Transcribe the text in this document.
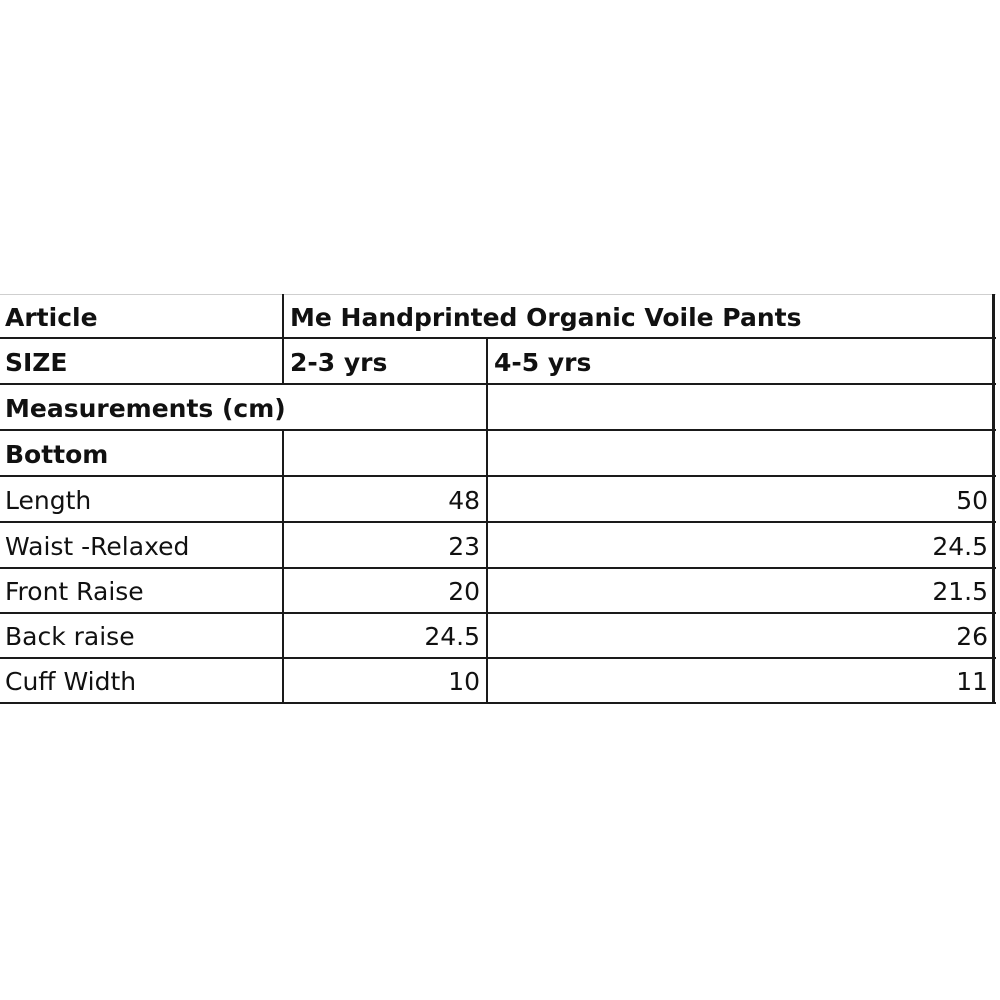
Article	Me Handprinted Organic Voile Pants
SIZE	2-3 yrs	4-5 yrs
Measurements (cm)
Bottom
Length	48	50
Waist -Relaxed	23	24.5
Front Raise	20	21.5
Back raise	24.5	26
Cuff Width	10	11
